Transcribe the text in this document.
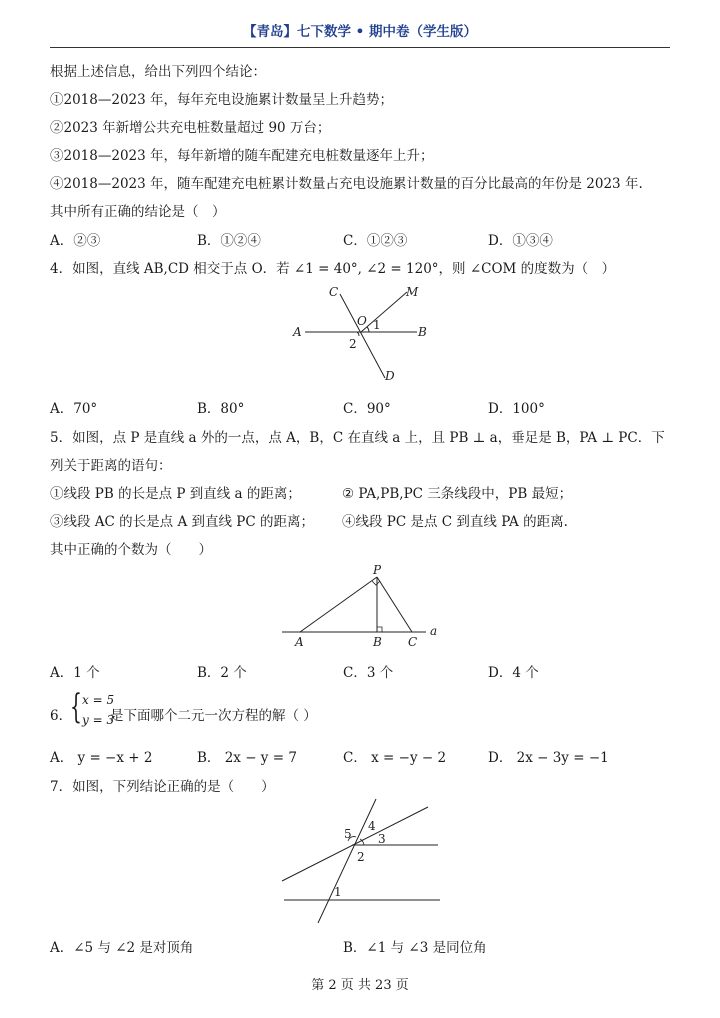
【青岛】七下数学 • 期中卷（学生版）
根据上述信息，给出下列四个结论：
①2018—2023 年，每年充电设施累计数量呈上升趋势；
②2023 年新增公共充电桩数量超过 90 万台；
③2018—2023 年，每年新增的随车配建充电桩数量逐年上升；
④2018—2023 年，随车配建充电桩累计数量占充电设施累计数量的百分比最高的年份是 2023 年.
其中所有正确的结论是（　）
A．②③	B．①②④	C．①②③	D．①③④
4．如图，直线 AB,CD 相交于点 O．若 ∠1 = 40°, ∠2 = 120°，则 ∠COM 的度数为（　）
C	M
O 1
A	B
2
D
A．70°	B．80°	C．90°	D．100°
5．如图，点 P 是直线 a 外的一点，点 A，B，C 在直线 a 上，且 PB ⊥ a，垂足是 B，PA ⊥ PC．下
列关于距离的语句：
①线段 PB 的长是点 P 到直线 a 的距离；	② PA,PB,PC 三条线段中，PB 最短；
③线段 AC 的长是点 A 到直线 PC 的距离； ④线段 PC 是点 C 到直线 PA 的距离.
其中正确的个数为（　　）
P
A	B C
a
A．1 个	B．2 个	C．3 个	D．4 个
6．
{ x = 5
y = 3
是下面哪个二元一次方程的解（ ）
A． y = −x + 2	B． 2x − y = 7	C． x = −y − 2	D． 2x − 3y = −1
7．如图，下列结论正确的是（　　）
5
4
3
2
1
A．∠5 与 ∠2 是对顶角	B．∠1 与 ∠3 是同位角
第 2 页 共 23 页
